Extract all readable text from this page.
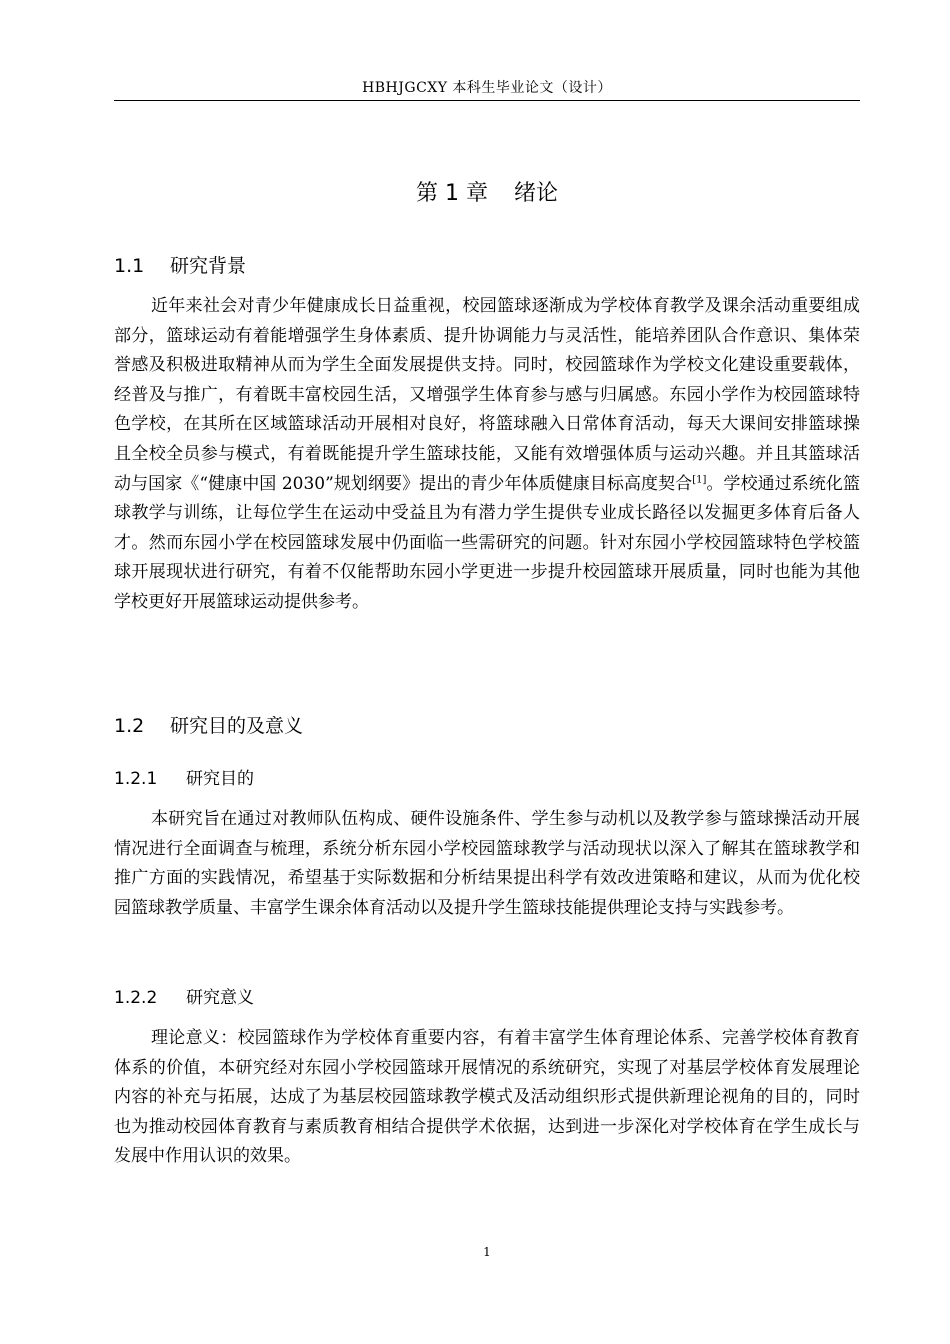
HBHJGCXY 本科生毕业论文（设计）
第 1 章 绪论
1.1 研究背景

近年来社会对青少年健康成长日益重视，校园篮球逐渐成为学校体育教学及课余活动重要组成部分，篮球运动有着能增强学生身体素质、提升协调能力与灵活性，能培养团队合作意识、集体荣誉感及积极进取精神从而为学生全面发展提供支持。同时，校园篮球作为学校文化建设重要载体，经普及与推广，有着既丰富校园生活，又增强学生体育参与感与归属感。东园小学作为校园篮球特色学校，在其所在区域篮球活动开展相对良好，将篮球融入日常体育活动，每天大课间安排篮球操且全校全员参与模式，有着既能提升学生篮球技能，又能有效增强体质与运动兴趣。并且其篮球活动与国家《“健康中国 2030”规划纲要》提出的青少年体质健康目标高度契合[1]。学校通过系统化篮球教学与训练，让每位学生在运动中受益且为有潜力学生提供专业成长路径以发掘更多体育后备人才。然而东园小学在校园篮球发展中仍面临一些需研究的问题。针对东园小学校园篮球特色学校篮球开展现状进行研究，有着不仅能帮助东园小学更进一步提升校园篮球开展质量，同时也能为其他学校更好开展篮球运动提供参考。

1.2 研究目的及意义
1.2.1 研究目的

本研究旨在通过对教师队伍构成、硬件设施条件、学生参与动机以及教学参与篮球操活动开展情况进行全面调查与梳理，系统分析东园小学校园篮球教学与活动现状以深入了解其在篮球教学和推广方面的实践情况，希望基于实际数据和分析结果提出科学有效改进策略和建议，从而为优化校园篮球教学质量、丰富学生课余体育活动以及提升学生篮球技能提供理论支持与实践参考。

1.2.2 研究意义

理论意义：校园篮球作为学校体育重要内容，有着丰富学生体育理论体系、完善学校体育教育体系的价值，本研究经对东园小学校园篮球开展情况的系统研究，实现了对基层学校体育发展理论内容的补充与拓展，达成了为基层校园篮球教学模式及活动组织形式提供新理论视角的目的，同时也为推动校园体育教育与素质教育相结合提供学术依据，达到进一步深化对学校体育在学生成长与发展中作用认识的效果。

1
